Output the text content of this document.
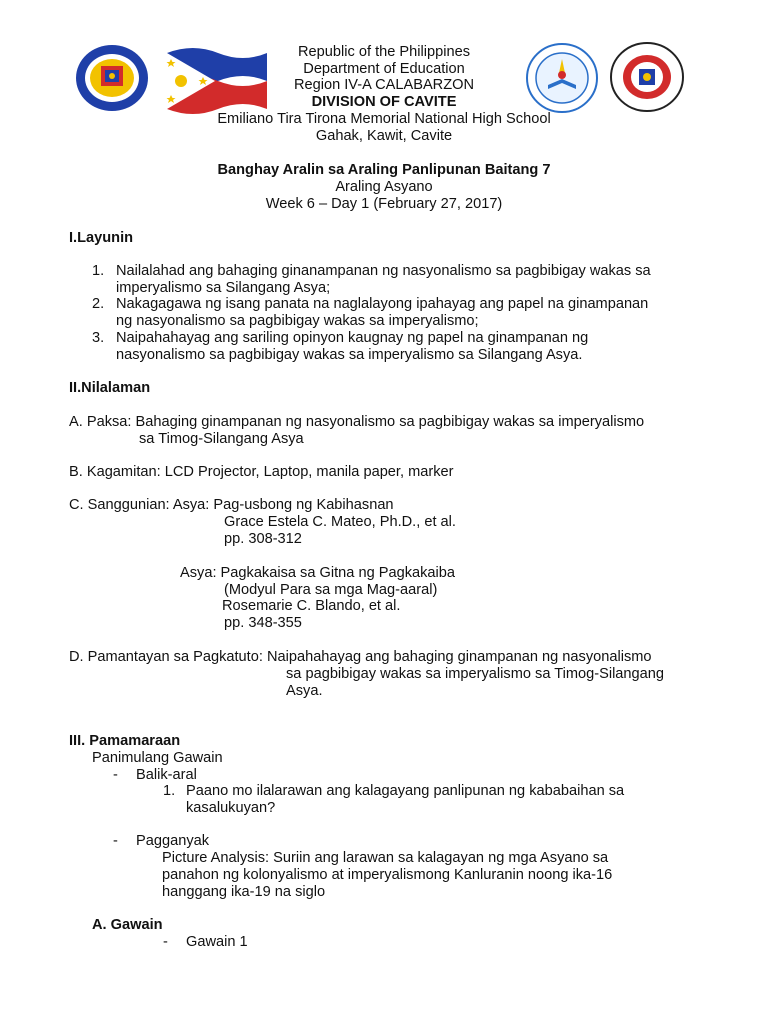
Republic of the Philippines
Department of Education
Region IV-A CALABARZON
DIVISION OF CAVITE
Emiliano Tira Tirona Memorial National High School
Gahak, Kawit, Cavite
Banghay Aralin sa Araling Panlipunan Baitang 7
Araling Asyano
Week 6 – Day 1 (February 27, 2017)
I.Layunin
1. Nailalahad ang bahaging ginanampanan ng nasyonalismo sa pagbibigay wakas sa
imperyalismo sa Silangang Asya;
2. Nakagagawa ng isang panata na naglalayong ipahayag ang papel na ginampanan
ng nasyonalismo sa pagbibigay wakas sa imperyalismo;
3. Naipahahayag ang sariling opinyon kaugnay ng papel na ginampanan ng
nasyonalismo sa pagbibigay wakas sa imperyalismo sa Silangang Asya.
II.Nilalaman
A. Paksa: Bahaging ginampanan ng nasyonalismo sa pagbibigay wakas sa imperyalismo
sa Timog-Silangang Asya
B. Kagamitan: LCD Projector, Laptop, manila paper, marker
C. Sanggunian: Asya: Pag-usbong ng Kabihasnan
Grace Estela C. Mateo, Ph.D., et al.
pp. 308-312
Asya: Pagkakaisa sa Gitna ng Pagkakaiba
(Modyul Para sa mga Mag-aaral)
Rosemarie C. Blando, et al.
pp. 348-355
D. Pamantayan sa Pagkatuto: Naipahahayag ang bahaging ginampanan ng nasyonalismo
sa pagbibigay wakas sa imperyalismo sa Timog-Silangang
Asya.
III. Pamamaraan
Panimulang Gawain
- Balik-aral
1. Paano mo ilalarawan ang kalagayang panlipunan ng kababaihan sa
kasalukuyan?
- Pagganyak
Picture Analysis: Suriin ang larawan sa kalagayan ng mga Asyano sa
panahon ng kolonyalismo at imperyalismong Kanluranin noong ika-16
hanggang ika-19 na siglo
A. Gawain
- Gawain 1
